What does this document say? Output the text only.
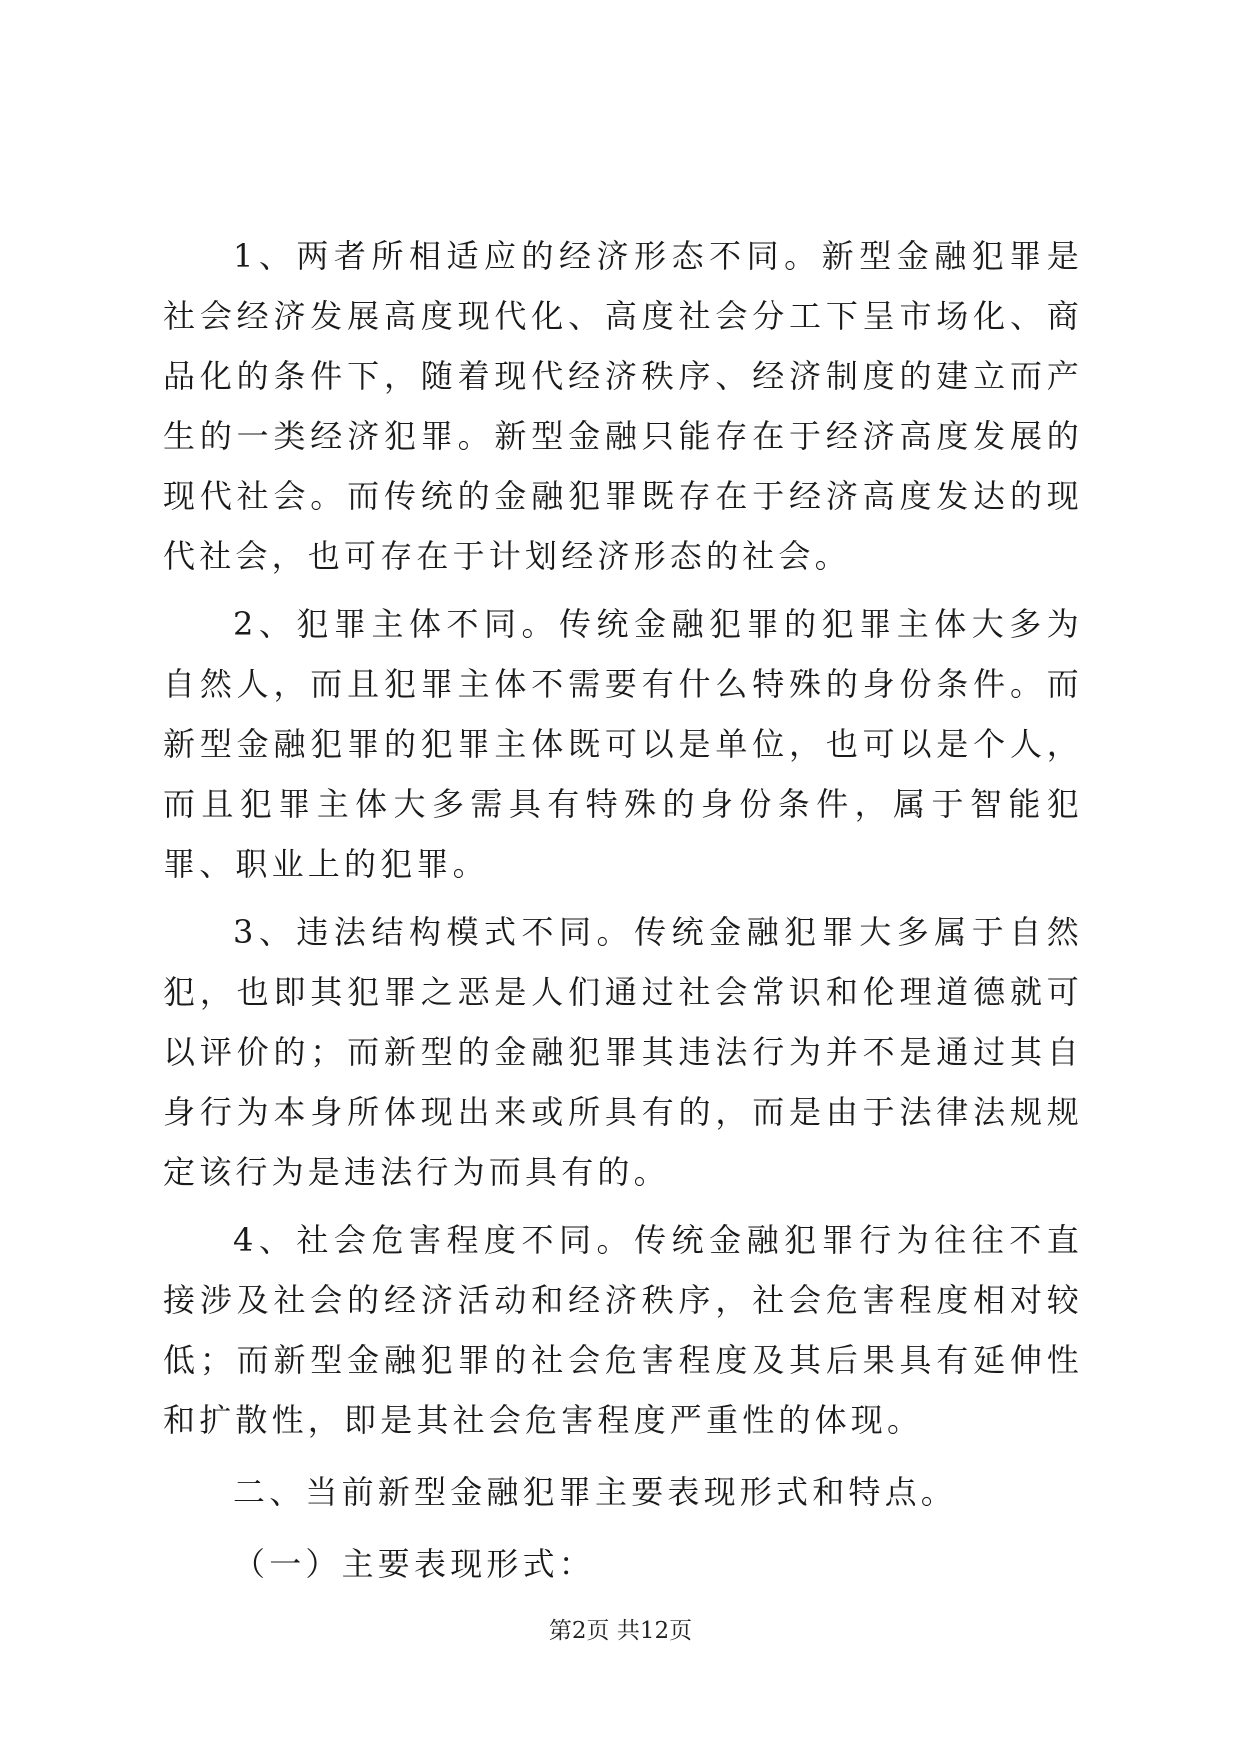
1、两者所相适应的经济形态不同。新型金融犯罪是社会经济发展高度现代化、高度社会分工下呈市场化、商品化的条件下，随着现代经济秩序、经济制度的建立而产生的一类经济犯罪。新型金融只能存在于经济高度发展的现代社会。而传统的金融犯罪既存在于经济高度发达的现代社会，也可存在于计划经济形态的社会。

2、犯罪主体不同。传统金融犯罪的犯罪主体大多为自然人，而且犯罪主体不需要有什么特殊的身份条件。而新型金融犯罪的犯罪主体既可以是单位，也可以是个人，而且犯罪主体大多需具有特殊的身份条件，属于智能犯罪、职业上的犯罪。

3、违法结构模式不同。传统金融犯罪大多属于自然犯，也即其犯罪之恶是人们通过社会常识和伦理道德就可以评价的；而新型的金融犯罪其违法行为并不是通过其自身行为本身所体现出来或所具有的，而是由于法律法规规定该行为是违法行为而具有的。

4、社会危害程度不同。传统金融犯罪行为往往不直接涉及社会的经济活动和经济秩序，社会危害程度相对较低；而新型金融犯罪的社会危害程度及其后果具有延伸性和扩散性，即是其社会危害程度严重性的体现。

二、当前新型金融犯罪主要表现形式和特点。

（一）主要表现形式：

第2页 共12页
